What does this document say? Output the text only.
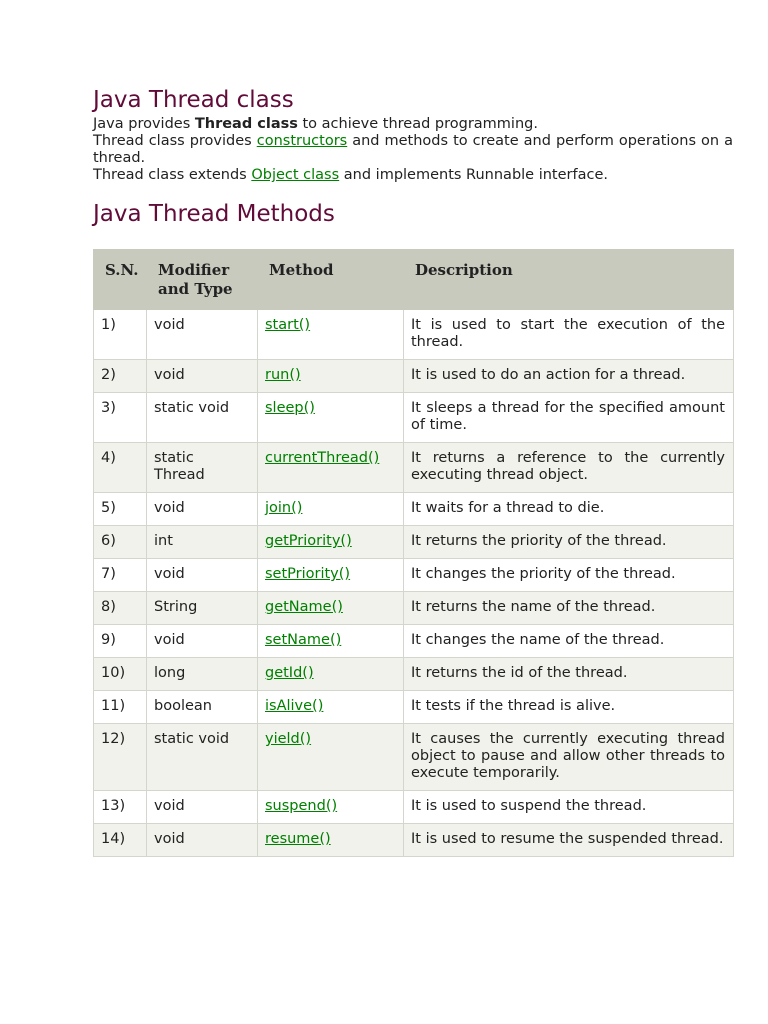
Java Thread class

Java provides Thread class to achieve thread programming.

Thread class provides constructors and methods to create and perform operations on a thread.

Thread class extends Object class and implements Runnable interface.

Java Thread Methods
S.N.	Modifier and Type	Method	Description
1)	void	start()	It is used to start the execution of the thread.
2)	void	run()	It is used to do an action for a thread.
3)	static void	sleep()	It sleeps a thread for the specified amount of time.
4)	static Thread	currentThread()	It returns a reference to the currently executing thread object.
5)	void	join()	It waits for a thread to die.
6)	int	getPriority()	It returns the priority of the thread.
7)	void	setPriority()	It changes the priority of the thread.
8)	String	getName()	It returns the name of the thread.
9)	void	setName()	It changes the name of the thread.
10)	long	getId()	It returns the id of the thread.
11)	boolean	isAlive()	It tests if the thread is alive.
12)	static void	yield()	It causes the currently executing thread object to pause and allow other threads to execute temporarily.
13)	void	suspend()	It is used to suspend the thread.
14)	void	resume()	It is used to resume the suspended thread.
